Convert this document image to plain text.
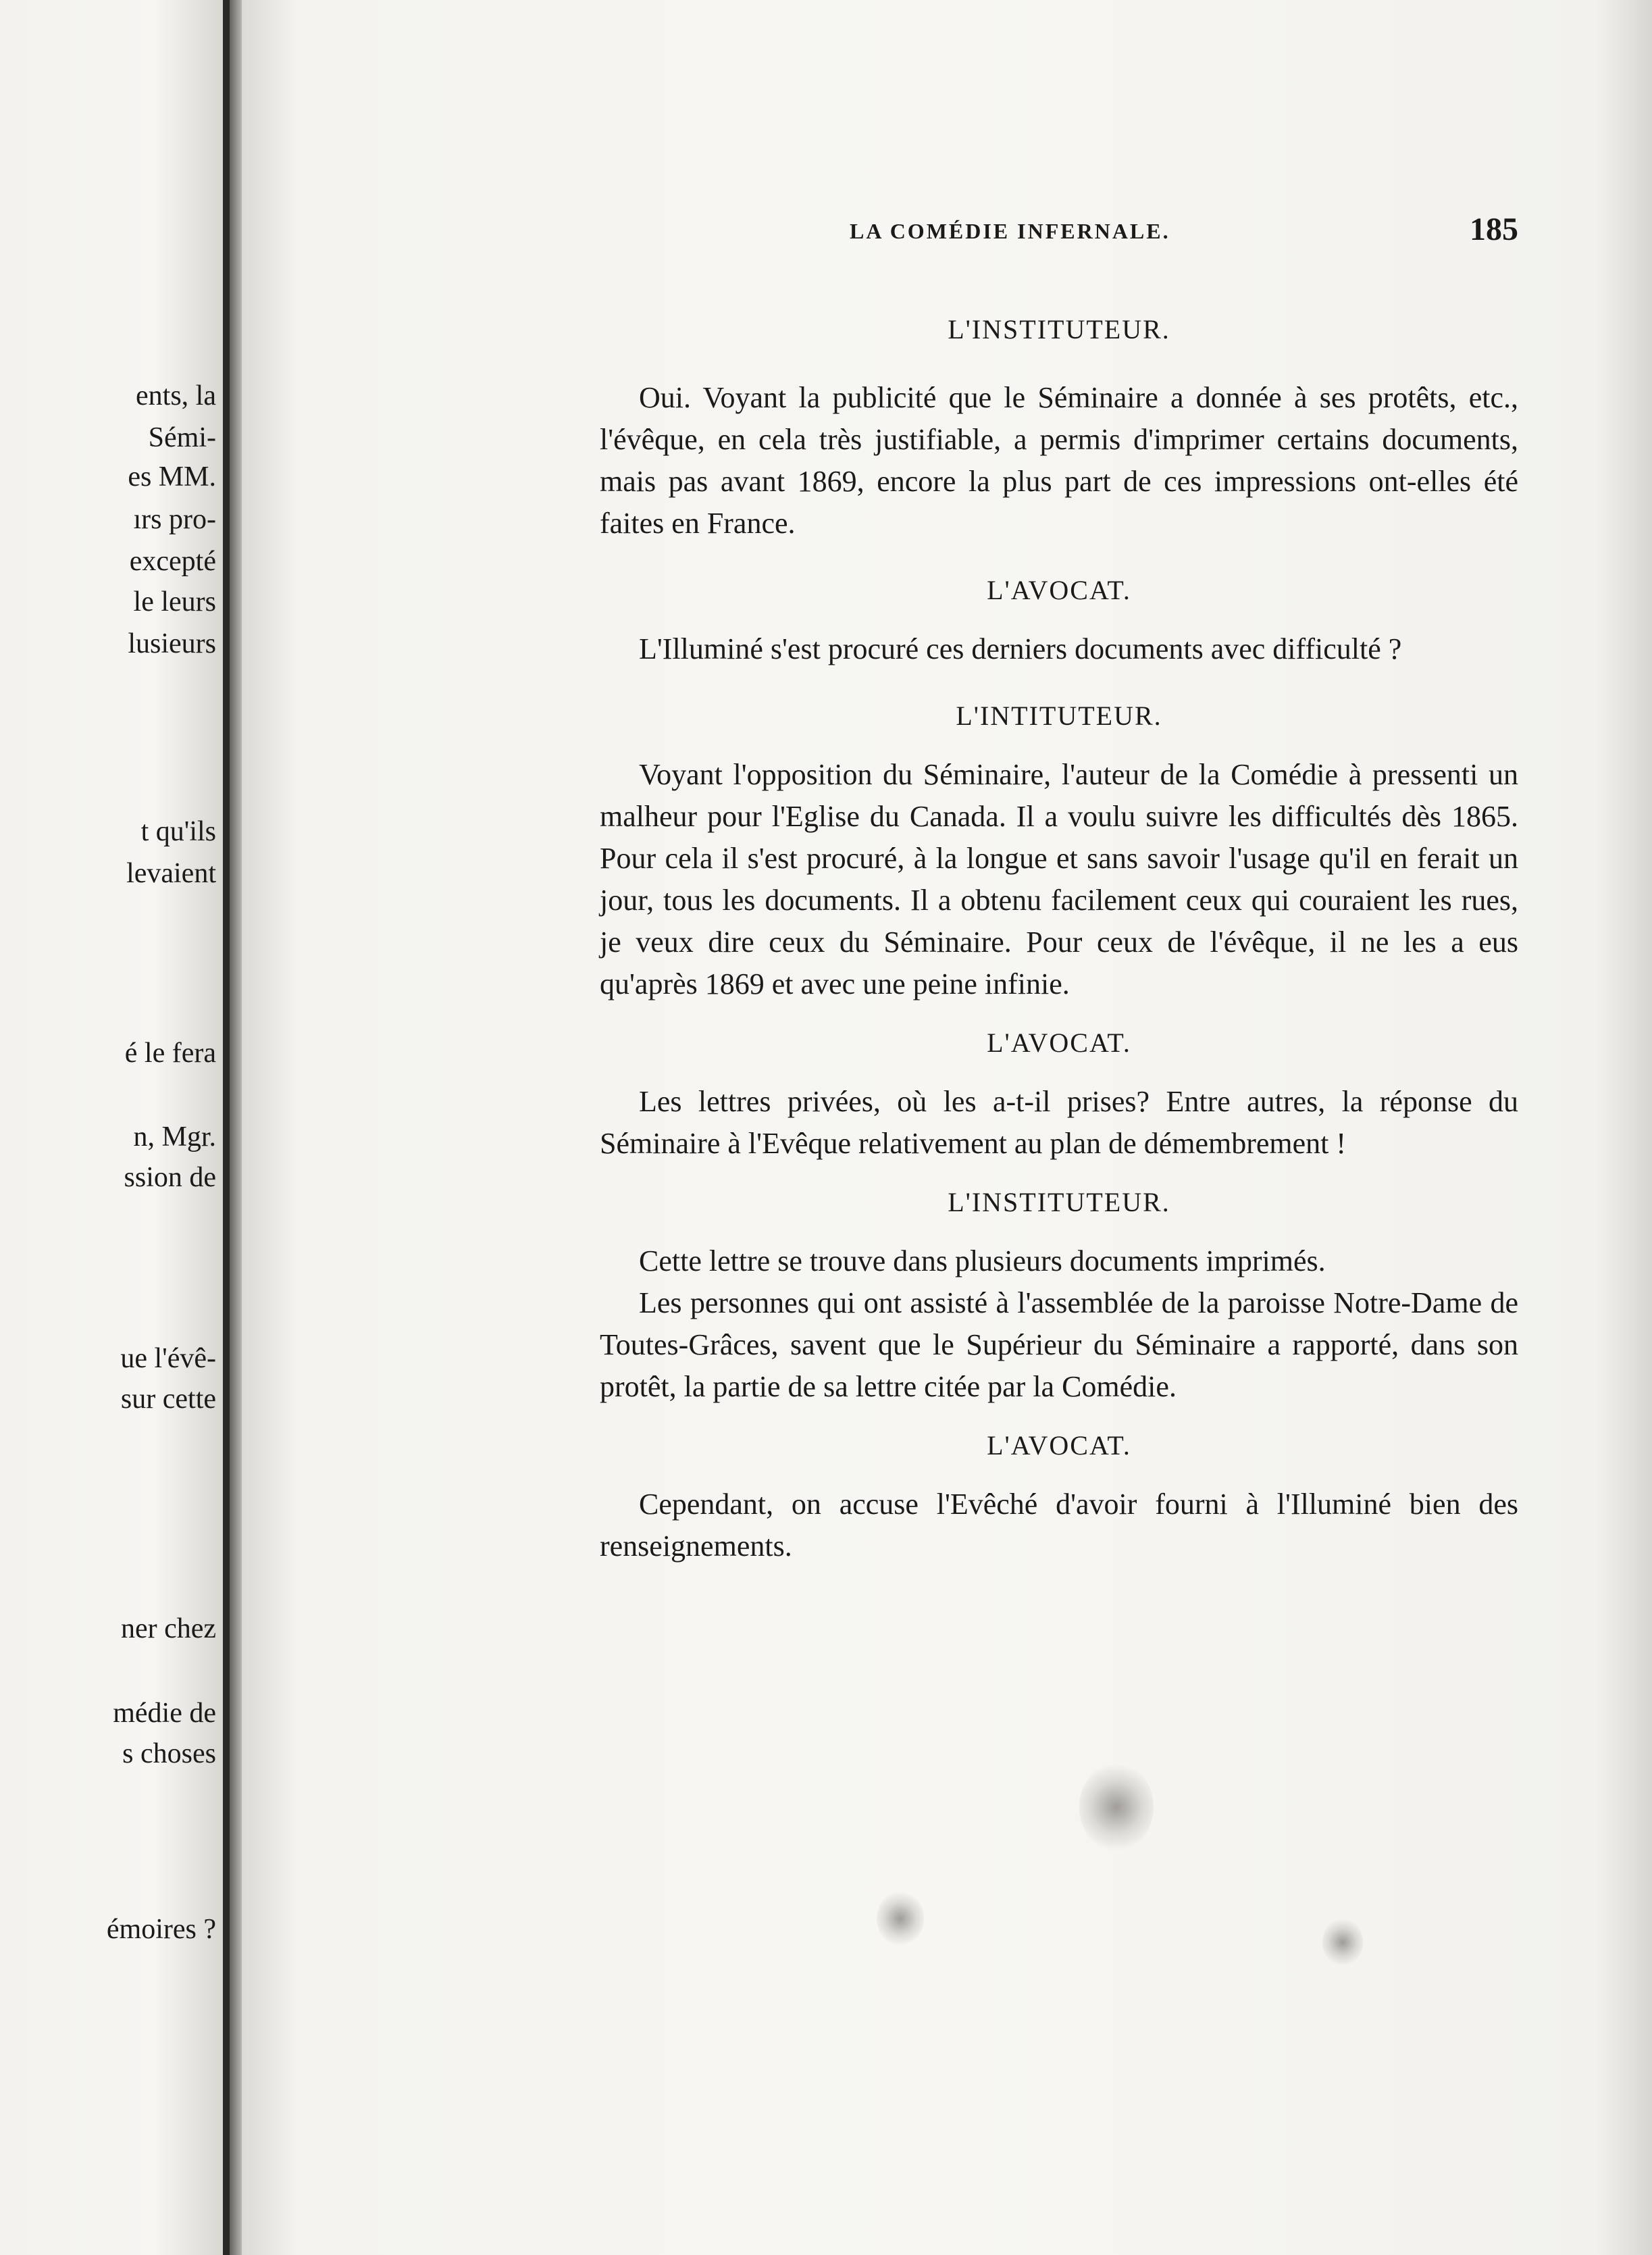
ents, la
Sémi-
es MM.
ırs pro-
excepté
le leurs
lusieurs
t qu'ils
levaient
é le fera
n, Mgr.
ssion de
ue l'évê-
sur cette
ner chez
médie de
s choses
émoires ?
LA COMÉDIE INFERNALE.	185

L'INSTITUTEUR.

Oui. Voyant la publicité que le Séminaire a donnée à ses protêts, etc., l'évêque, en cela très justifiable, a permis d'imprimer certains documents, mais pas avant 1869, encore la plus part de ces impressions ont-elles été faites en France.

L'AVOCAT.

L'Illuminé s'est procuré ces derniers documents avec difficulté ?

L'INTITUTEUR.

Voyant l'opposition du Séminaire, l'auteur de la Comédie à pressenti un malheur pour l'Eglise du Canada. Il a voulu suivre les difficultés dès 1865. Pour cela il s'est procuré, à la longue et sans savoir l'usage qu'il en ferait un jour, tous les documents. Il a obtenu facilement ceux qui couraient les rues, je veux dire ceux du Séminaire. Pour ceux de l'évêque, il ne les a eus qu'après 1869 et avec une peine infinie.

L'AVOCAT.

Les lettres privées, où les a-t-il prises? Entre autres, la réponse du Séminaire à l'Evêque relativement au plan de démembrement !

L'INSTITUTEUR.

Cette lettre se trouve dans plusieurs documents imprimés.

Les personnes qui ont assisté à l'assemblée de la paroisse Notre-Dame de Toutes-Grâces, savent que le Supérieur du Séminaire a rapporté, dans son protêt, la partie de sa lettre citée par la Comédie.

L'AVOCAT.

Cependant, on accuse l'Evêché d'avoir fourni à l'Illuminé bien des renseignements.
